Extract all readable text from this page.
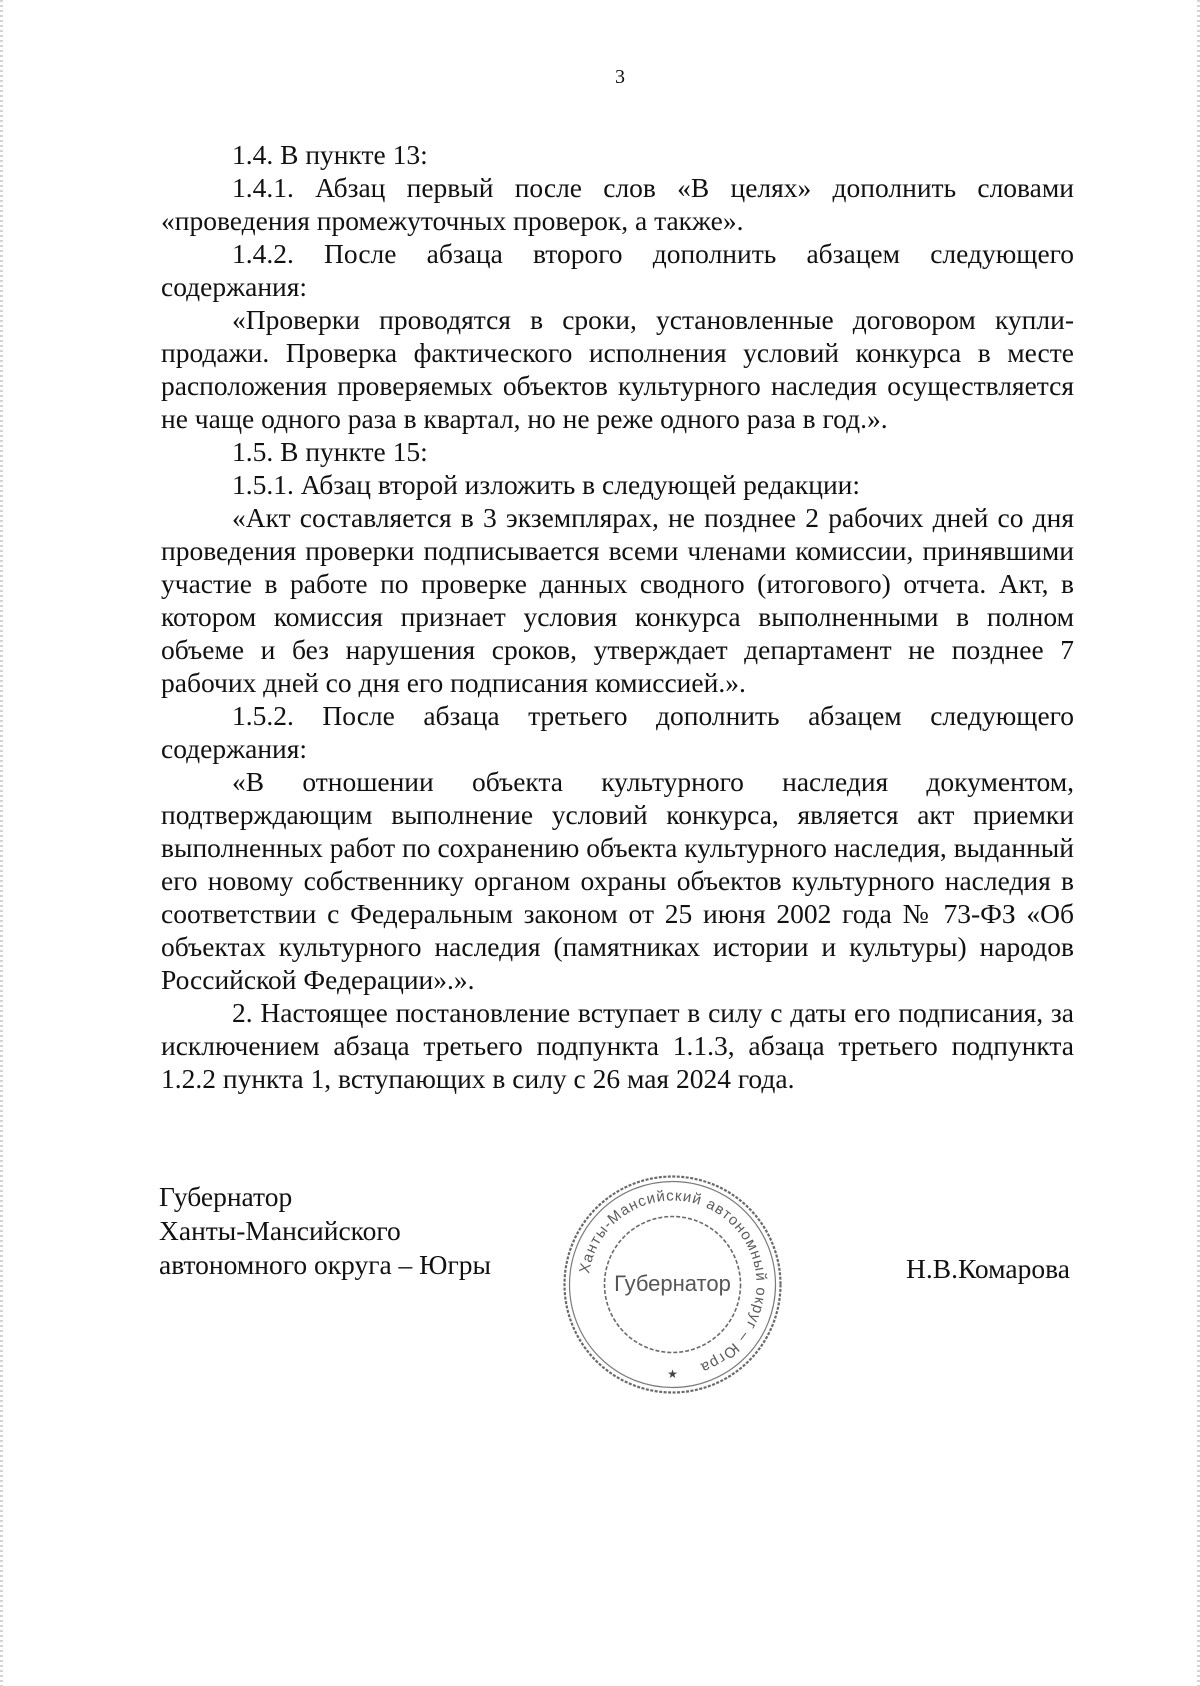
3

1.4. В пункте 13:

1.4.1. Абзац первый после слов «В целях» дополнить словами «проведения промежуточных проверок, а также».

1.4.2. После абзаца второго дополнить абзацем следующего содержания:

«Проверки проводятся в сроки, установленные договором купли-продажи. Проверка фактического исполнения условий конкурса в месте расположения проверяемых объектов культурного наследия осуществляется не чаще одного раза в квартал, но не реже одного раза в год.».

1.5. В пункте 15:

1.5.1. Абзац второй изложить в следующей редакции:

«Акт составляется в 3 экземплярах, не позднее 2 рабочих дней со дня проведения проверки подписывается всеми членами комиссии, принявшими участие в работе по проверке данных сводного (итогового) отчета. Акт, в котором комиссия признает условия конкурса выполненными в полном объеме и без нарушения сроков, утверждает департамент не позднее 7 рабочих дней со дня его подписания комиссией.».

1.5.2. После абзаца третьего дополнить абзацем следующего содержания:

«В отношении объекта культурного наследия документом, подтверждающим выполнение условий конкурса, является акт приемки выполненных работ по сохранению объекта культурного наследия, выданный его новому собственнику органом охраны объектов культурного наследия в соответствии с Федеральным законом от 25 июня 2002 года № 73-ФЗ «Об объектах культурного наследия (памятниках истории и культуры) народов Российской Федерации».».

2. Настоящее постановление вступает в силу с даты его подписания, за исключением абзаца третьего подпункта 1.1.3, абзаца третьего подпункта 1.2.2 пункта 1, вступающих в силу с 26 мая 2024 года.

Губернатор
Ханты-Мансийского
автономного округа – Югры	Ханты-Мансийский автономный округ – Югра
Губернатор
★
Н.В.Комарова
